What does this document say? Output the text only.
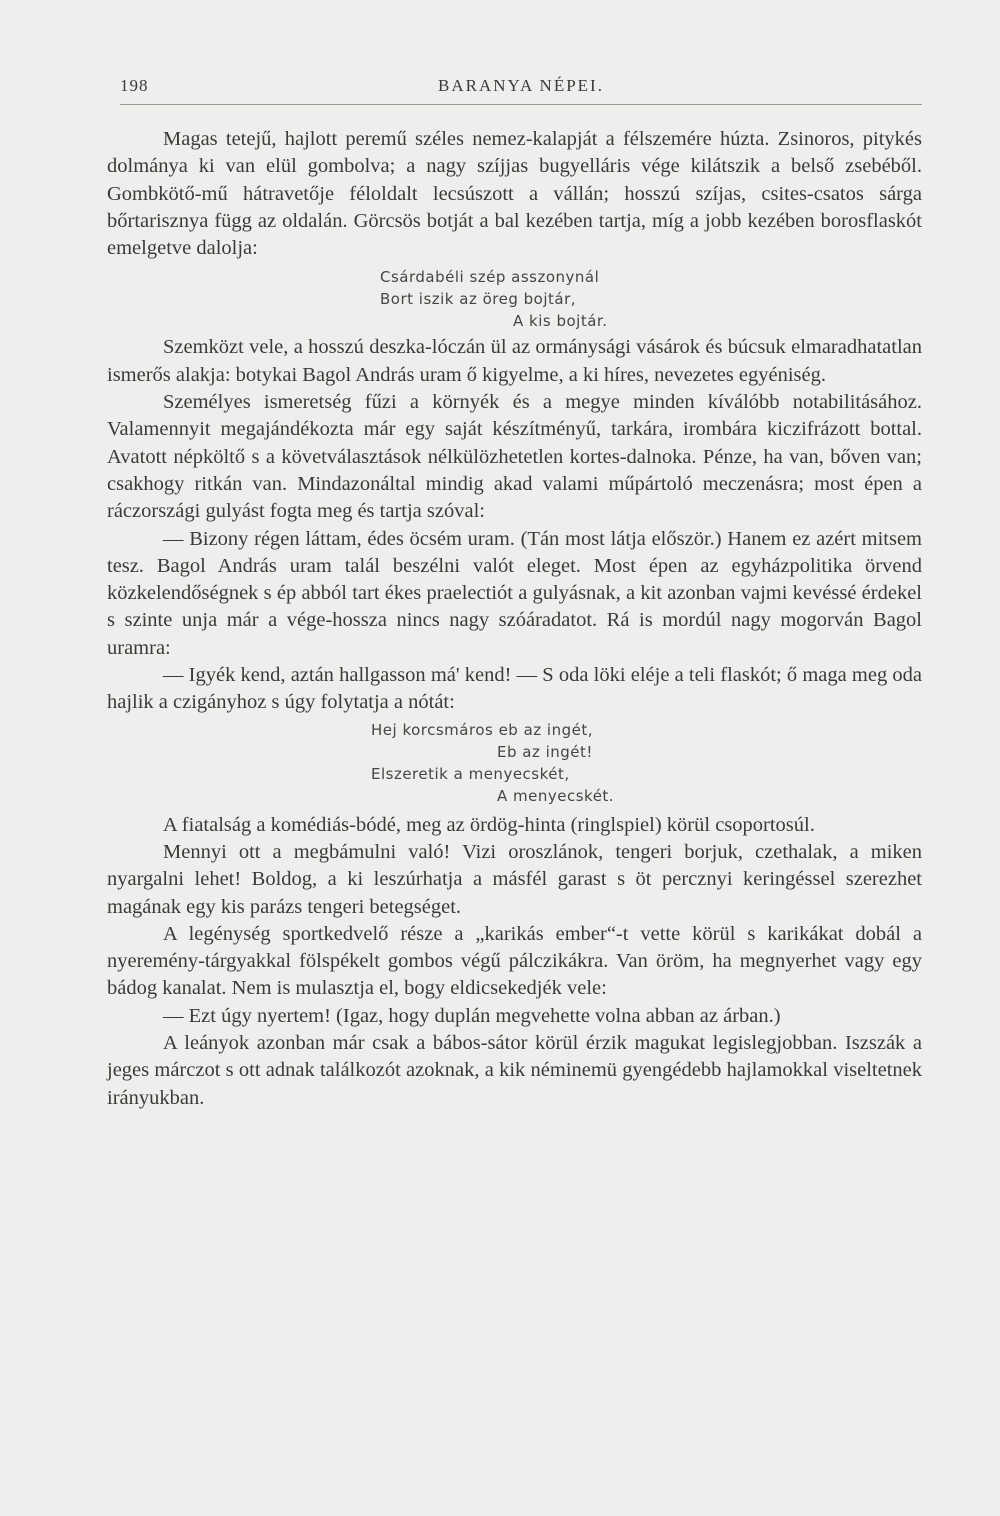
198	BARANYA NÉPEI.

Magas tetejű, hajlott peremű széles nemez-kalapját a félszemére húzta. Zsinoros, pitykés dolmánya ki van elül gombolva; a nagy szíjjas bugyelláris vége kilátszik a belső zsebéből. Gombkötő-mű hátravetője féloldalt lecsúszott a vállán; hosszú szíjas, csites-csatos sárga bőrtarisznya függ az oldalán. Görcsös botját a bal kezében tartja, míg a jobb kezében borosflaskót emelgetve dalolja:

Csárdabéli szép asszonynál
Bort iszik az öreg bojtár,
A kis bojtár.

Szemközt vele, a hosszú deszka-lóczán ül az ormánysági vásárok és búcsuk elmaradhatatlan ismerős alakja: botykai Bagol András uram ő kigyelme, a ki híres, nevezetes egyéniség.

Személyes ismeretség fűzi a környék és a megye minden kíválóbb notabilitásához. Valamennyit megajándékozta már egy saját készítményű, tarkára, irombára kiczifrázott bottal. Avatott népköltő s a követválasztások nélkülözhetetlen kortes-dalnoka. Pénze, ha van, bőven van; csakhogy ritkán van. Mindazonáltal mindig akad valami műpártoló meczenásra; most épen a ráczországi gulyást fogta meg és tartja szóval:

— Bizony régen láttam, édes öcsém uram. (Tán most látja először.) Hanem ez azért mitsem tesz. Bagol András uram talál beszélni valót eleget. Most épen az egyházpolitika örvend közkelendőségnek s ép abból tart ékes praelectiót a gulyásnak, a kit azonban vajmi kevéssé érdekel s szinte unja már a vége-hossza nincs nagy szóáradatot. Rá is mordúl nagy mogorván Bagol uramra:

— Igyék kend, aztán hallgasson má' kend! — S oda löki eléje a teli flaskót; ő maga meg oda hajlik a czigányhoz s úgy folytatja a nótát:

Hej korcsmáros eb az ingét,
Eb az ingét!
Elszeretik a menyecskét,
A menyecskét.

A fiatalság a komédiás-bódé, meg az ördög-hinta (ringlspiel) körül csoportosúl.

Mennyi ott a megbámulni való! Vizi oroszlánok, tengeri borjuk, czethalak, a miken nyargalni lehet! Boldog, a ki leszúrhatja a másfél garast s öt percznyi keringéssel szerezhet magának egy kis parázs tengeri betegséget.

A legénység sportkedvelő része a „karikás ember“-t vette körül s karikákat dobál a nyeremény-tárgyakkal fölspékelt gombos végű pálczikákra. Van öröm, ha megnyerhet vagy egy bádog kanalat. Nem is mulasztja el, bogy eldicsekedjék vele:

— Ezt úgy nyertem! (Igaz, hogy duplán megvehette volna abban az árban.)

A leányok azonban már csak a bábos-sátor körül érzik magukat legislegjobban. Iszszák a jeges márczot s ott adnak találkozót azoknak, a kik néminemü gyengédebb hajlamokkal viseltetnek irányukban.
